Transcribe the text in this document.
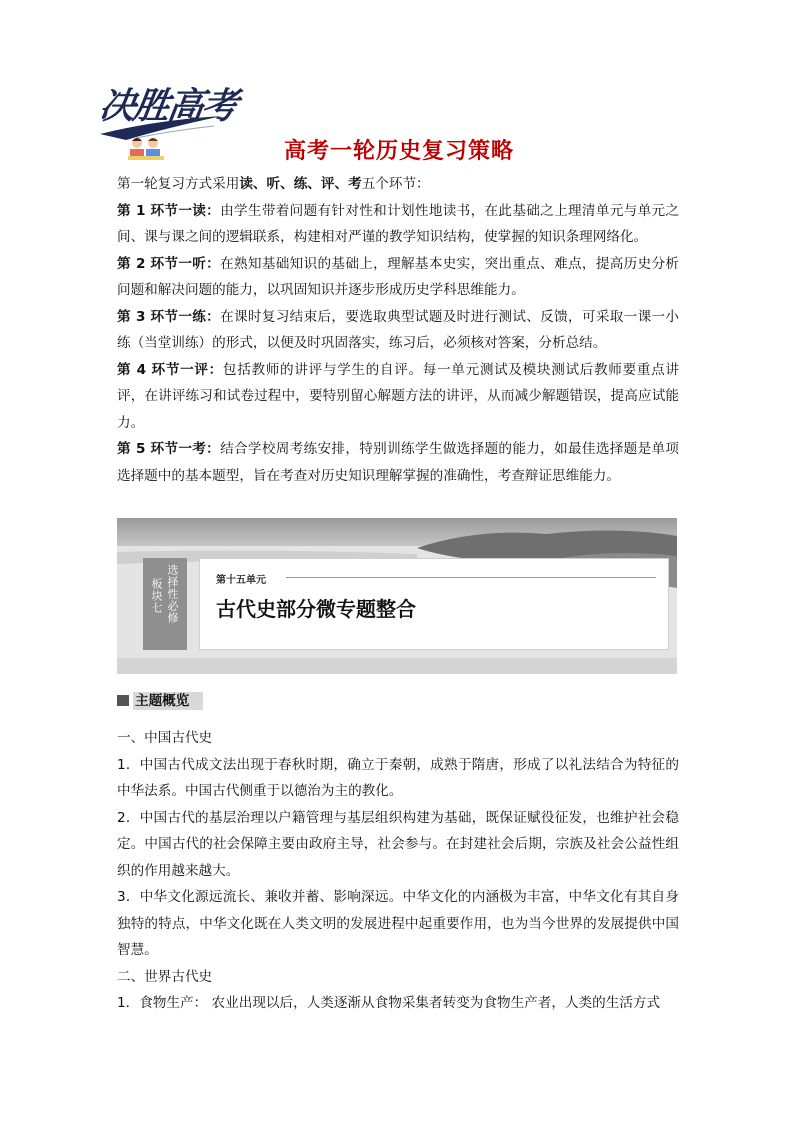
决胜高考
高考一轮历史复习策略

第一轮复习方式采用读、听、练、评、考五个环节：

第 1 环节一读：由学生带着问题有针对性和计划性地读书，在此基础之上理清单元与单元之间、课与课之间的逻辑联系，构建相对严谨的教学知识结构，使掌握的知识条理网络化。

第 2 环节一听：在熟知基础知识的基础上，理解基本史实，突出重点、难点，提高历史分析问题和解决问题的能力，以巩固知识并逐步形成历史学科思维能力。

第 3 环节一练：在课时复习结束后，要选取典型试题及时进行测试、反馈，可采取一课一小练（当堂训练）的形式，以便及时巩固落实，练习后，必须核对答案，分析总结。

第 4 环节一评：包括教师的讲评与学生的自评。每一单元测试及模块测试后教师要重点讲评，在讲评练习和试卷过程中，要特别留心解题方法的讲评，从而减少解题错误，提高应试能力。

第 5 环节一考：结合学校周考练安排，特别训练学生做选择题的能力，如最佳选择题是单项选择题中的基本题型，旨在考查对历史知识理解掌握的准确性，考查辩证思维能力。

板块七 选择性必修	第十五单元
古代史部分微专题整合
主题概览

一、中国古代史

1．中国古代成文法出现于春秋时期，确立于秦朝，成熟于隋唐，形成了以礼法结合为特征的中华法系。中国古代侧重于以德治为主的教化。

2．中国古代的基层治理以户籍管理与基层组织构建为基础，既保证赋役征发，也维护社会稳定。中国古代的社会保障主要由政府主导，社会参与。在封建社会后期，宗族及社会公益性组织的作用越来越大。

3．中华文化源远流长、兼收并蓄、影响深远。中华文化的内涵极为丰富，中华文化有其自身独特的特点，中华文化既在人类文明的发展进程中起重要作用，也为当今世界的发展提供中国智慧。

二、世界古代史

1．食物生产： 农业出现以后，人类逐渐从食物采集者转变为食物生产者，人类的生活方式
